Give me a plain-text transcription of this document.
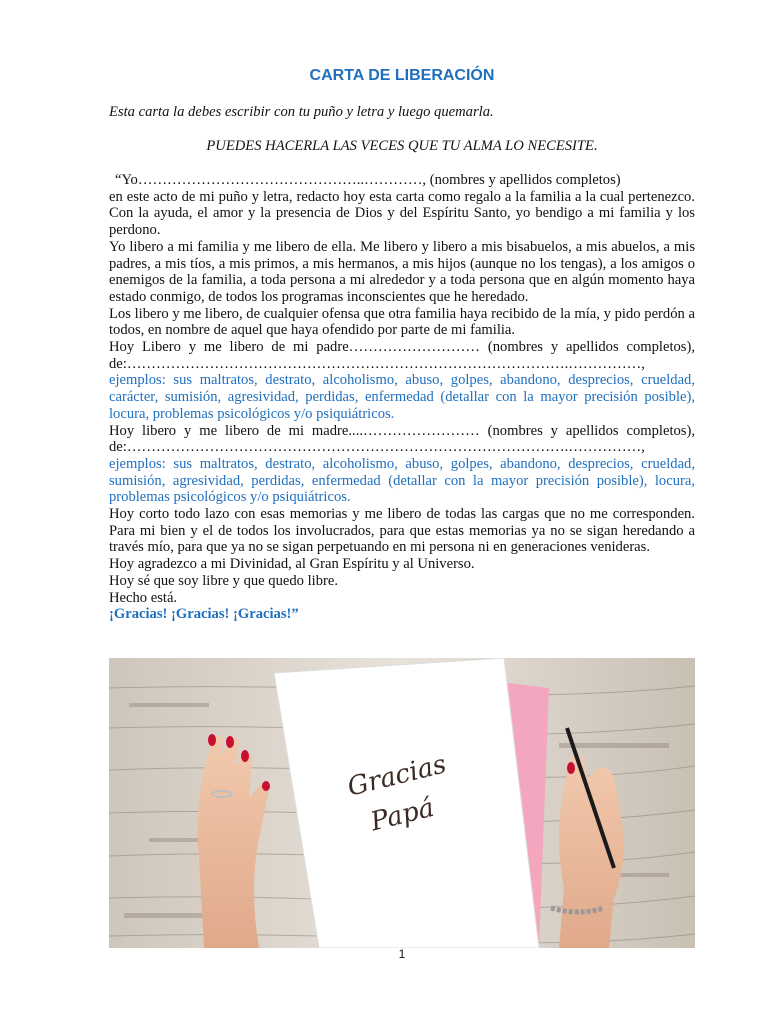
CARTA DE LIBERACIÓN
Esta carta la debes escribir con tu puño y letra y luego quemarla.
PUEDES HACERLA LAS VECES QUE TU ALMA LO NECESITE.

“Yo………………………………………..…………, (nombres y apellidos completos)

en este acto de mi puño y letra, redacto hoy esta carta como regalo a la familia a la cual pertenezco. Con la ayuda, el amor y la presencia de Dios y del Espíritu Santo, yo bendigo a mi familia y los perdono.

Yo libero a mi familia y me libero de ella. Me libero y libero a mis bisabuelos, a mis abuelos, a mis padres, a mis tíos, a mis primos, a mis hermanos, a mis hijos (aunque no los tengas), a los amigos o enemigos de la familia, a toda persona a mi alrededor y a toda persona que en algún momento haya estado conmigo, de todos los programas inconscientes que he heredado.

Los libero y me libero, de cualquier ofensa que otra familia haya recibido de la mía, y pido perdón a todos, en nombre de aquel que haya ofendido por parte de mi familia.

Hoy Libero y me libero de mi padre……………………… (nombres y apellidos completos), de:……………………………………………………………………………….……………,

ejemplos: sus maltratos, destrato, alcoholismo, abuso, golpes, abandono, desprecios, crueldad, carácter, sumisión, agresividad, perdidas, enfermedad (detallar con la mayor precisión posible), locura, problemas psicológicos y/o psiquiátricos.

Hoy libero y me libero de mi madre....…………………… (nombres y apellidos completos), de:……………………………………………………………………………….……………,

ejemplos: sus maltratos, destrato, alcoholismo, abuso, golpes, abandono, desprecios, crueldad, sumisión, agresividad, perdidas, enfermedad (detallar con la mayor precisión posible), locura, problemas psicológicos y/o psiquiátricos.

Hoy corto todo lazo con esas memorias y me libero de todas las cargas que no me corresponden. Para mi bien y el de todos los involucrados, para que estas memorias ya no se sigan heredando a través mío, para que ya no se sigan perpetuando en mi persona ni en generaciones venideras.

Hoy agradezco a mi Divinidad, al Gran Espíritu y al Universo.

Hoy sé que soy libre y que quedo libre.

Hecho está.

¡Gracias! ¡Gracias! ¡Gracias!”

Gracias
Papá
1
